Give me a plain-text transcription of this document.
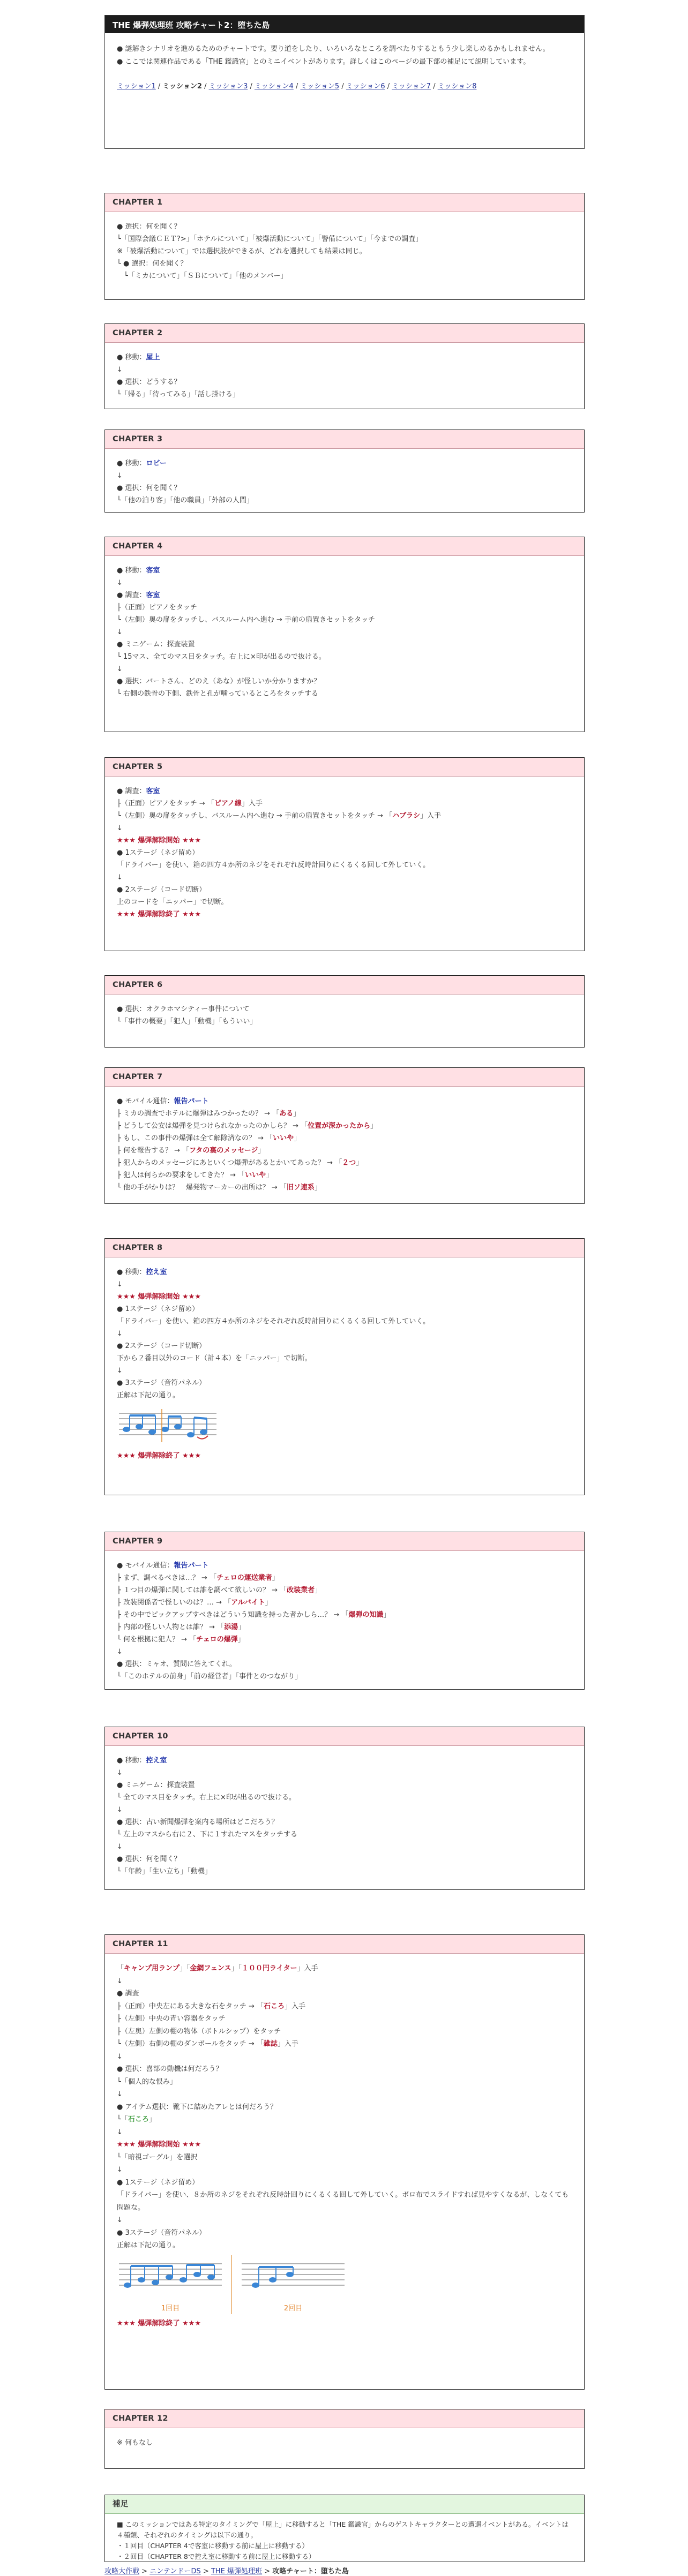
THE 爆弾処理班 攻略チャート2：堕ちた島

● 謎解きシナリオを進めるためのチャートです。要り道をしたり、いろいろなところを調べたりするともう少し楽しめるかもしれません。

● ここでは関連作品である「THE 鑑識官」とのミニイベントがあります。詳しくはこのページの最下部の補足にて説明しています。

ミッション1 / ミッション2 / ミッション3 / ミッション4 / ミッション5 / ミッション6 / ミッション7 / ミッション8
CHAPTER 1
● 選択：何を聞く？
└「国際会議ＣＥＴ?>」「ホテルについて」「被爆活動について」「警備について」「今までの調査」
※「被爆活動について」では選択肢ができるが、どれを選択しても結果は同じ。
└ ● 選択：何を聞く？
　└「ミカについて」「ＳＢについて」「他のメンバー」
CHAPTER 2
● 移動：屋上
↓
● 選択：どうする？
└「帰る」「待ってみる」「話し掛ける」
CHAPTER 3
● 移動：ロビー
↓
● 選択：何を聞く？
└「他の泊り客」「他の職員」「外部の人間」
CHAPTER 4
● 移動：客室
↓
● 調査：客室
├（正面）ピアノをタッチ
└（左側）奥の扉をタッチし、バスルーム内へ進む → 手前の扇置きセットをタッチ
↓
● ミニゲーム：探査装置
└ 15マス、全てのマス目をタッチ。右上に×印が出るので抜ける。
↓
● 選択：バートさん、どのえ（あな）が怪しいか分かりますか？
└ 右側の鉄骨の下側、鉄骨と孔が噛っているところをタッチする
CHAPTER 5
● 調査：客室
├（正面）ピアノをタッチ → 「ピアノ線」入手
└（左側）奥の扉をタッチし、バスルーム内へ進む → 手前の扇置きセットをタッチ → 「ハブラシ」入手
↓
★★★ 爆弾解除開始 ★★★
● 1ステージ（ネジ留め）
「ドライバー」を使い、箱の四方４か所のネジをそれぞれ反時計回りにくるくる回して外していく。
↓
● 2ステージ（コード切断）
上のコードを「ニッパー」で切断。
★★★ 爆弾解除終了 ★★★
CHAPTER 6
● 選択：オクラホマシティー事件について
└「事件の概要」「犯人」「動機」「もういい」
CHAPTER 7
● モバイル通信：報告パート
├ ミカの調査でホテルに爆弾はみつかったの？ → 「ある」
├ どうして公安は爆弾を見つけられなかったのかしら？ → 「位置が深かったから」
├ もし、この事件の爆弾は全て解除済なの？ → 「いいや」
├ 何を報告する？ → 「フタの裏のメッセージ」
├ 犯人からのメッセージにあといくつ爆弾があるとかいてあった？ → 「２つ」
├ 犯人は何らかの要求をしてきた？ → 「いいや」
└ 他の手がかりは？　爆発物マーカーの出所は？ → 「旧ソ連系」
CHAPTER 8
● 移動：控え室
↓
★★★ 爆弾解除開始 ★★★
● 1ステージ（ネジ留め）
「ドライバー」を使い、箱の四方４か所のネジをそれぞれ反時計回りにくるくる回して外していく。
↓
● 2ステージ（コード切断）
下から２番目以外のコード（計４本）を「ニッパー」で切断。
↓
● 3ステージ（音符パネル）
正解は下記の通り。
★★★ 爆弾解除終了 ★★★
CHAPTER 9
● モバイル通信：報告パート
├ まず、調べるべきは…？ → 「チェロの運送業者」
├ １つ目の爆弾に関しては誰を調べて欲しいの？ → 「改装業者」
├ 改装関係者で怪しいのは？… → 「アルバイト」
├ その中でピックアップすべきはどういう知識を持った者かしら…？ → 「爆弾の知識」
├ 内部の怪しい人物とは誰？ → 「添湯」
└ 何を根拠に犯人？ → 「チェロの爆弾」
↓
● 選択：ミャオ、質問に答えてくれ。
└「このホテルの前身」「前の経営者」「事件とのつながり」
CHAPTER 10
● 移動：控え室
↓
● ミニゲーム：探査装置
└ 全てのマス目をタッチ。右上に×印が出るので抜ける。
↓
● 選択：古い新聞爆弾を案内る場所はどこだろう？
└ 左上のマスから右に２、下に１すれたマスをタッチする
↓
● 選択：何を聞く？
└「年齢」「生い立ち」「動機」
CHAPTER 11
「キャンプ用ランプ」「金網フェンス」「１００円ライター」入手
↓
● 調査
├（正面）中央左にある大きな石をタッチ → 「石ころ」入手
├（左側）中央の青い容器をタッチ
├（左奥）左側の棚の物体（ボトルシップ）をタッチ
└（左側）右側の棚のダンボールをタッチ → 「雑誌」入手
↓
● 選択：喜部の動機は何だろう？
└「個人的な恨み」
↓
● アイテム選択：靴下に詰めたアレとは何だろう？
└「石ころ」
↓
★★★ 爆弾解除開始 ★★★
└「暗視ゴーグル」を選択
↓
● 1ステージ（ネジ留め）
「ドライバー」を使い、８か所のネジをそれぞれ反時計回りにくるくる回して外していく。ボロ布でスライドすれば見やすくなるが、しなくても問題な。
↓
● 3ステージ（音符パネル）
正解は下記の通り。
1回目	2回目
★★★ 爆弾解除終了 ★★★
CHAPTER 12
※ 何もなし
補足
■ このミッションではある特定のタイミングで「屋上」に移動すると「THE 鑑識官」からのゲストキャラクターとの遭遇イベントがある。イベントは４種類、それぞれのタイミングは以下の通り。
・１回目（CHAPTER 4で客室に移動する前に屋上に移動する）
・２回目（CHAPTER 8で控え室に移動する前に屋上に移動する）
攻略大作戦 > ニンテンドーDS > THE 爆弾処理班 > 攻略チャート：堕ちた島
